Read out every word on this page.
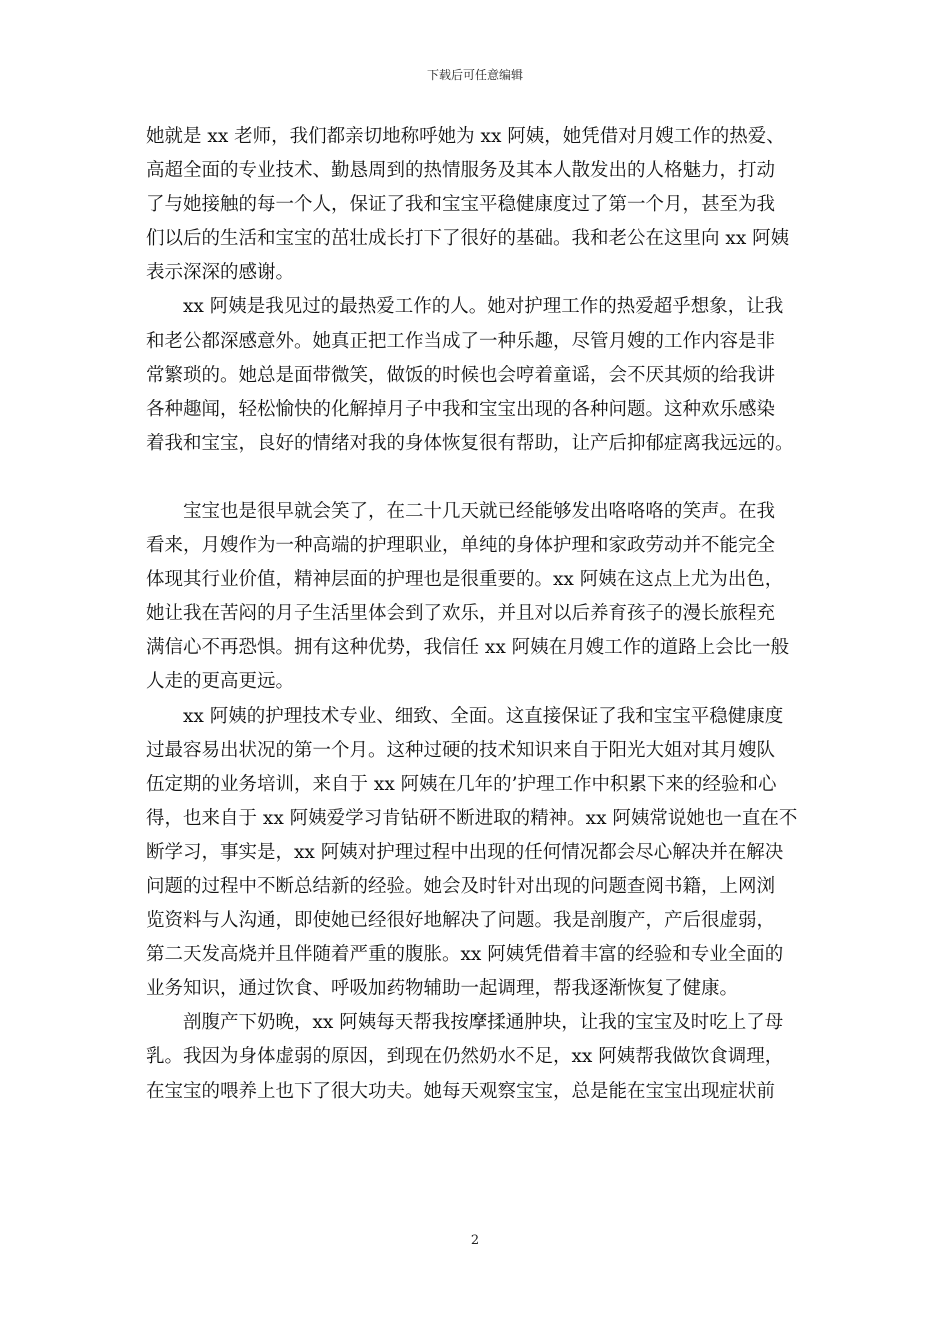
下载后可任意编辑
她就是 xx 老师，我们都亲切地称呼她为 xx 阿姨，她凭借对月嫂工作的热爱、
高超全面的专业技术、勤恳周到的热情服务及其本人散发出的人格魅力，打动
了与她接触的每一个人，保证了我和宝宝平稳健康度过了第一个月，甚至为我
们以后的生活和宝宝的茁壮成长打下了很好的基础。我和老公在这里向 xx 阿姨
表示深深的感谢。
xx 阿姨是我见过的最热爱工作的人。她对护理工作的热爱超乎想象，让我
和老公都深感意外。她真正把工作当成了一种乐趣，尽管月嫂的工作内容是非
常繁琐的。她总是面带微笑，做饭的时候也会哼着童谣，会不厌其烦的给我讲
各种趣闻，轻松愉快的化解掉月子中我和宝宝出现的各种问题。这种欢乐感染
着我和宝宝，良好的情绪对我的身体恢复很有帮助，让产后抑郁症离我远远的。
宝宝也是很早就会笑了，在二十几天就已经能够发出咯咯咯的笑声。在我
看来，月嫂作为一种高端的护理职业，单纯的身体护理和家政劳动并不能完全
体现其行业价值，精神层面的护理也是很重要的。xx 阿姨在这点上尤为出色，
她让我在苦闷的月子生活里体会到了欢乐，并且对以后养育孩子的漫长旅程充
满信心不再恐惧。拥有这种优势，我信任 xx 阿姨在月嫂工作的道路上会比一般
人走的更高更远。
xx 阿姨的护理技术专业、细致、全面。这直接保证了我和宝宝平稳健康度
过最容易出状况的第一个月。这种过硬的技术知识来自于阳光大姐对其月嫂队
伍定期的业务培训，来自于 xx 阿姨在几年的’护理工作中积累下来的经验和心
得，也来自于 xx 阿姨爱学习肯钻研不断进取的精神。xx 阿姨常说她也一直在不
断学习，事实是，xx 阿姨对护理过程中出现的任何情况都会尽心解决并在解决
问题的过程中不断总结新的经验。她会及时针对出现的问题查阅书籍，上网浏
览资料与人沟通，即使她已经很好地解决了问题。我是剖腹产，产后很虚弱，
第二天发高烧并且伴随着严重的腹胀。xx 阿姨凭借着丰富的经验和专业全面的
业务知识，通过饮食、呼吸加药物辅助一起调理，帮我逐渐恢复了健康。
剖腹产下奶晚，xx 阿姨每天帮我按摩揉通肿块，让我的宝宝及时吃上了母
乳。我因为身体虚弱的原因，到现在仍然奶水不足，xx 阿姨帮我做饮食调理，
在宝宝的喂养上也下了很大功夫。她每天观察宝宝，总是能在宝宝出现症状前
2
